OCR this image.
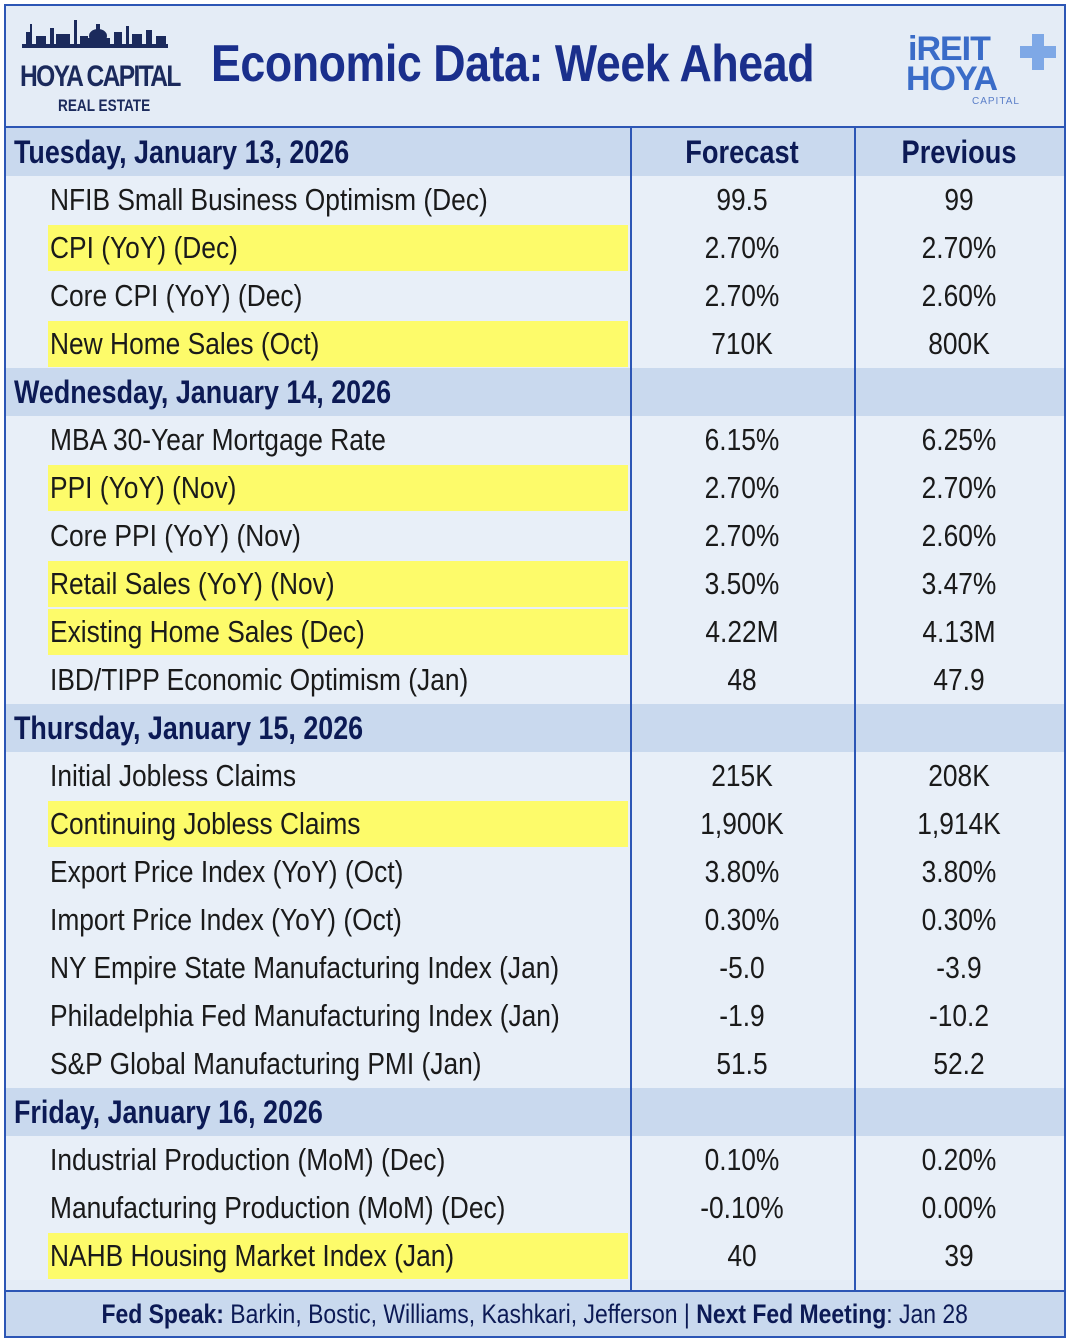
HOYA CAPITAL
REAL ESTATE
Economic Data: Week Ahead	iREIT
HOYA
CAPITAL
Tuesday, January 13, 2026	Forecast	Previous
NFIB Small Business Optimism (Dec)	99.5	99
CPI (YoY) (Dec)	2.70%	2.70%
Core CPI (YoY) (Dec)	2.70%	2.60%
New Home Sales (Oct)	710K	800K
Wednesday, January 14, 2026
MBA 30-Year Mortgage Rate	6.15%	6.25%
PPI (YoY) (Nov)	2.70%	2.70%
Core PPI (YoY) (Nov)	2.70%	2.60%
Retail Sales (YoY) (Nov)	3.50%	3.47%
Existing Home Sales (Dec)	4.22M	4.13M
IBD/TIPP Economic Optimism (Jan)	48	47.9
Thursday, January 15, 2026
Initial Jobless Claims	215K	208K
Continuing Jobless Claims	1,900K	1,914K
Export Price Index (YoY) (Oct)	3.80%	3.80%
Import Price Index (YoY) (Oct)	0.30%	0.30%
NY Empire State Manufacturing Index (Jan)	-5.0	-3.9
Philadelphia Fed Manufacturing Index (Jan)	-1.9	-10.2
S&P Global Manufacturing PMI (Jan)	51.5	52.2
Friday, January 16, 2026
Industrial Production (MoM) (Dec)	0.10%	0.20%
Manufacturing Production (MoM) (Dec)	-0.10%	0.00%
NAHB Housing Market Index (Jan)	40	39
Fed Speak: Barkin, Bostic, Williams, Kashkari, Jefferson | Next Fed Meeting: Jan 28
